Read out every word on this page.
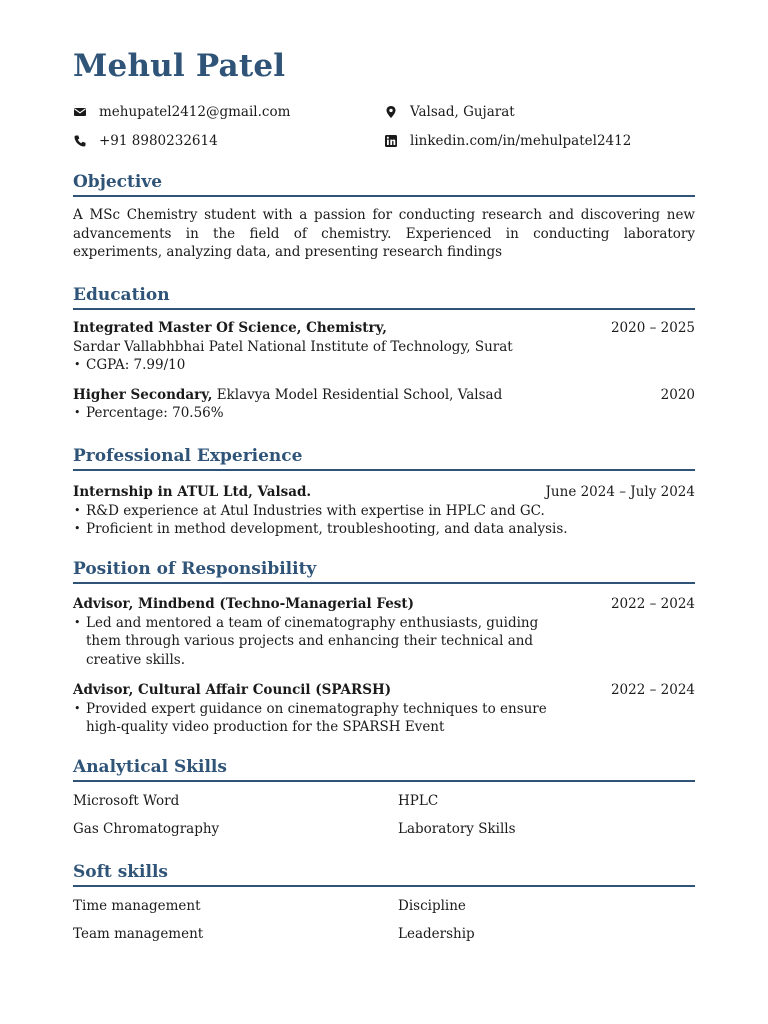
Mehul Patel
mehupatel2412@gmail.com	Valsad, Gujarat
+91 8980232614	linkedin.com/in/mehulpatel2412
Objective
A MSc Chemistry student with a passion for conducting research and discovering new advancements in the field of chemistry. Experienced in conducting laboratory experiments, analyzing data, and presenting research findings
Education
Integrated Master Of Science, Chemistry,	2020 – 2025
Sardar Vallabhbhai Patel National Institute of Technology, Surat
• CGPA: 7.99/10
Higher Secondary, Eklavya Model Residential School, Valsad	2020
• Percentage: 70.56%
Professional Experience
Internship in ATUL Ltd, Valsad.	June 2024 – July 2024
• R&D experience at Atul Industries with expertise in HPLC and GC.
• Proficient in method development, troubleshooting, and data analysis.
Position of Responsibility
Advisor, Mindbend (Techno-Managerial Fest)	2022 – 2024
• Led and mentored a team of cinematography enthusiasts, guiding
them through various projects and enhancing their technical and
creative skills.
Advisor, Cultural Affair Council (SPARSH)	2022 – 2024
• Provided expert guidance on cinematography techniques to ensure
high-quality video production for the SPARSH Event
Analytical Skills
Microsoft Word	HPLC
Gas Chromatography	Laboratory Skills
Soft skills
Time management	Discipline
Team management	Leadership
